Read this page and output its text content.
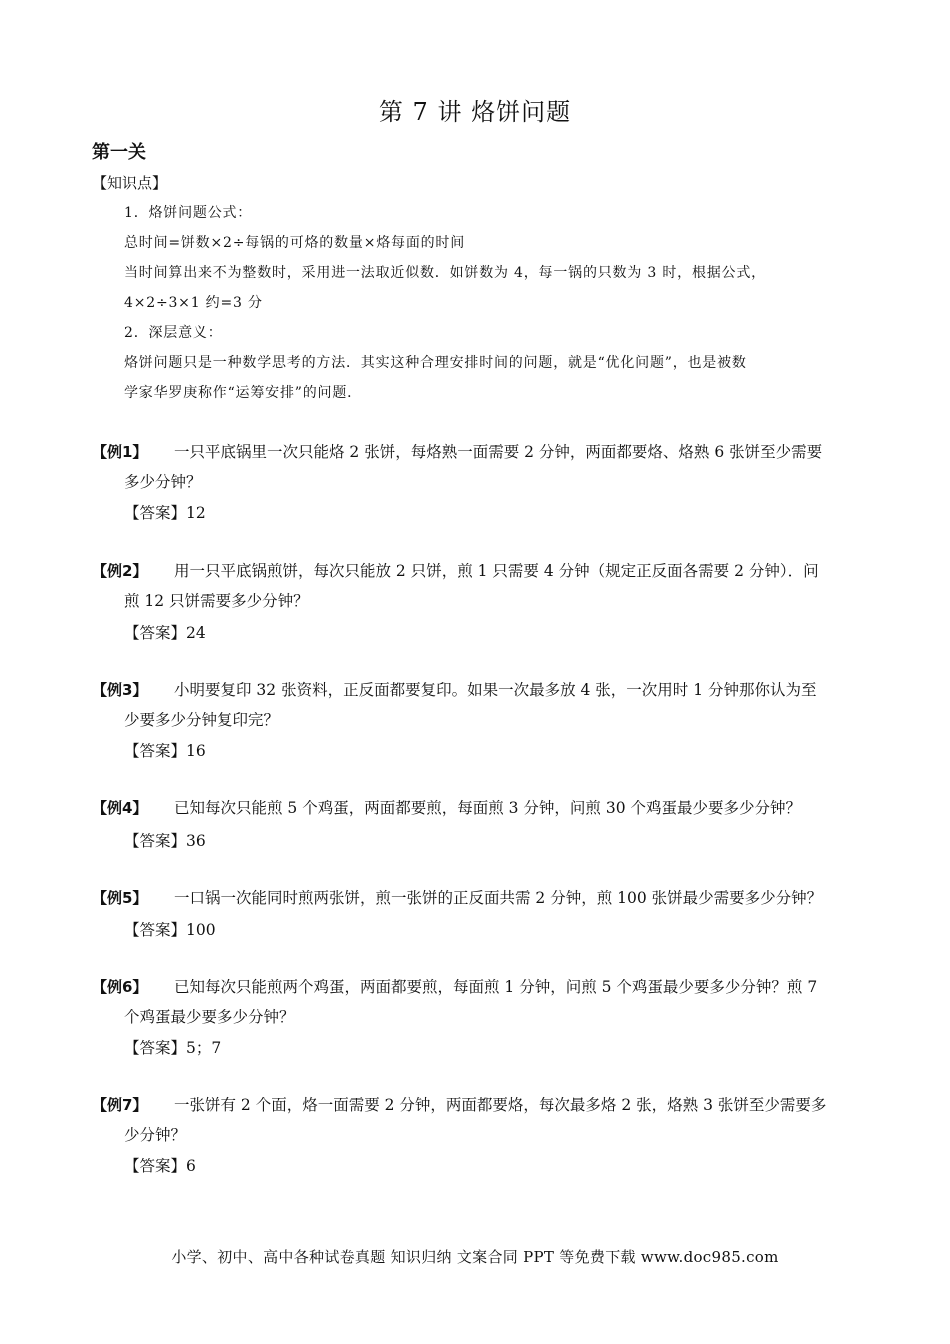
第 7 讲 烙饼问题
第一关
【知识点】
1．烙饼问题公式：
总时间=饼数×2÷每锅的可烙的数量×烙每面的时间
当时间算出来不为整数时，采用进一法取近似数．如饼数为 4，每一锅的只数为 3 时，根据公式，
4×2÷3×1 约=3 分
2．深层意义：
烙饼问题只是一种数学思考的方法．其实这种合理安排时间的问题，就是“优化问题”，也是被数
学家华罗庚称作“运筹安排”的问题．
【例1】 一只平底锅里一次只能烙 2 张饼，每烙熟一面需要 2 分钟，两面都要烙、烙熟 6 张饼至少需要
多少分钟？
【答案】12
【例2】 用一只平底锅煎饼，每次只能放 2 只饼，煎 1 只需要 4 分钟（规定正反面各需要 2 分钟）．问
煎 12 只饼需要多少分钟？
【答案】24
【例3】 小明要复印 32 张资料，正反面都要复印。如果一次最多放 4 张，一次用时 1 分钟那你认为至
少要多少分钟复印完？
【答案】16
【例4】 已知每次只能煎 5 个鸡蛋，两面都要煎，每面煎 3 分钟，问煎 30 个鸡蛋最少要多少分钟？
【答案】36
【例5】 一口锅一次能同时煎两张饼，煎一张饼的正反面共需 2 分钟，煎 100 张饼最少需要多少分钟？
【答案】100
【例6】 已知每次只能煎两个鸡蛋，两面都要煎，每面煎 1 分钟，问煎 5 个鸡蛋最少要多少分钟？煎 7
个鸡蛋最少要多少分钟？
【答案】5；7
【例7】 一张饼有 2 个面，烙一面需要 2 分钟，两面都要烙，每次最多烙 2 张，烙熟 3 张饼至少需要多
少分钟？
【答案】6
小学、初中、高中各种试卷真题 知识归纳 文案合同 PPT 等免费下载 www.doc985.com
